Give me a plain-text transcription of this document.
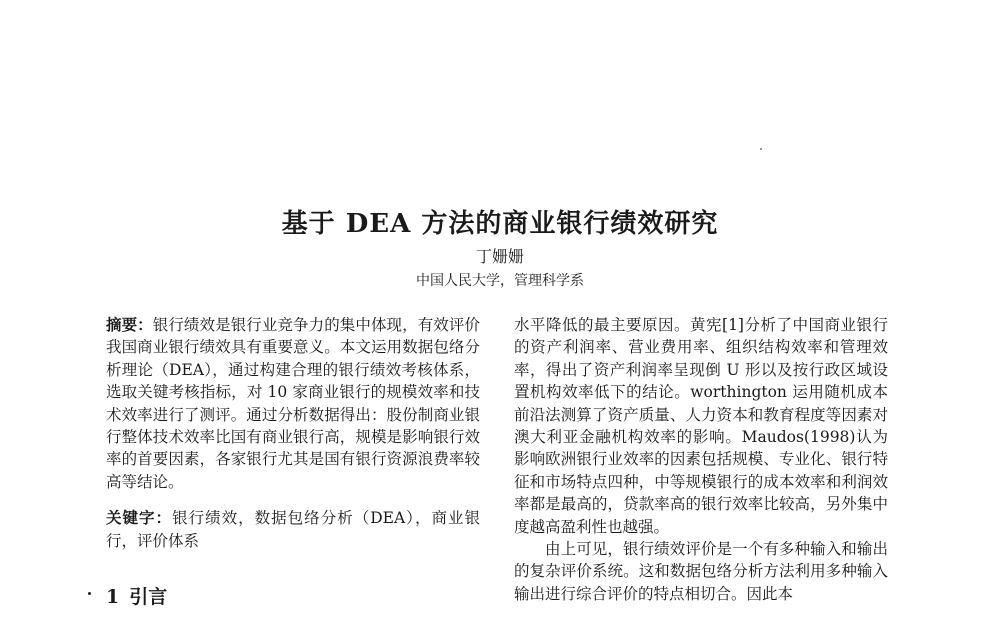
基于 DEA 方法的商业银行绩效研究
丁姗姗
中国人民大学，管理科学系
摘要：银行绩效是银行业竞争力的集中体现，有效评价我国商业银行绩效具有重要意义。本文运用数据包络分析理论（DEA），通过构建合理的银行绩效考核体系，选取关键考核指标，对 10 家商业银行的规模效率和技术效率进行了测评。通过分析数据得出：股份制商业银行整体技术效率比国有商业银行高，规模是影响银行效率的首要因素，各家银行尤其是国有银行资源浪费率较高等结论。
关键字：银行绩效，数据包络分析（DEA），商业银行，评价体系
1 引言
水平降低的最主要原因。黄宪[1]分析了中国商业银行的资产利润率、营业费用率、组织结构效率和管理效率，得出了资产利润率呈现倒 U 形以及按行政区域设置机构效率低下的结论。worthington 运用随机成本前沿法测算了资产质量、人力资本和教育程度等因素对澳大利亚金融机构效率的影响。Maudos(1998)认为影响欧洲银行业效率的因素包括规模、专业化、银行特征和市场特点四种，中等规模银行的成本效率和利润效率都是最高的，贷款率高的银行效率比较高，另外集中度越高盈利性也越强。
由上可见，银行绩效评价是一个有多种输入和输出的复杂评价系统。这和数据包络分析方法利用多种输入输出进行综合评价的特点相切合。因此本
